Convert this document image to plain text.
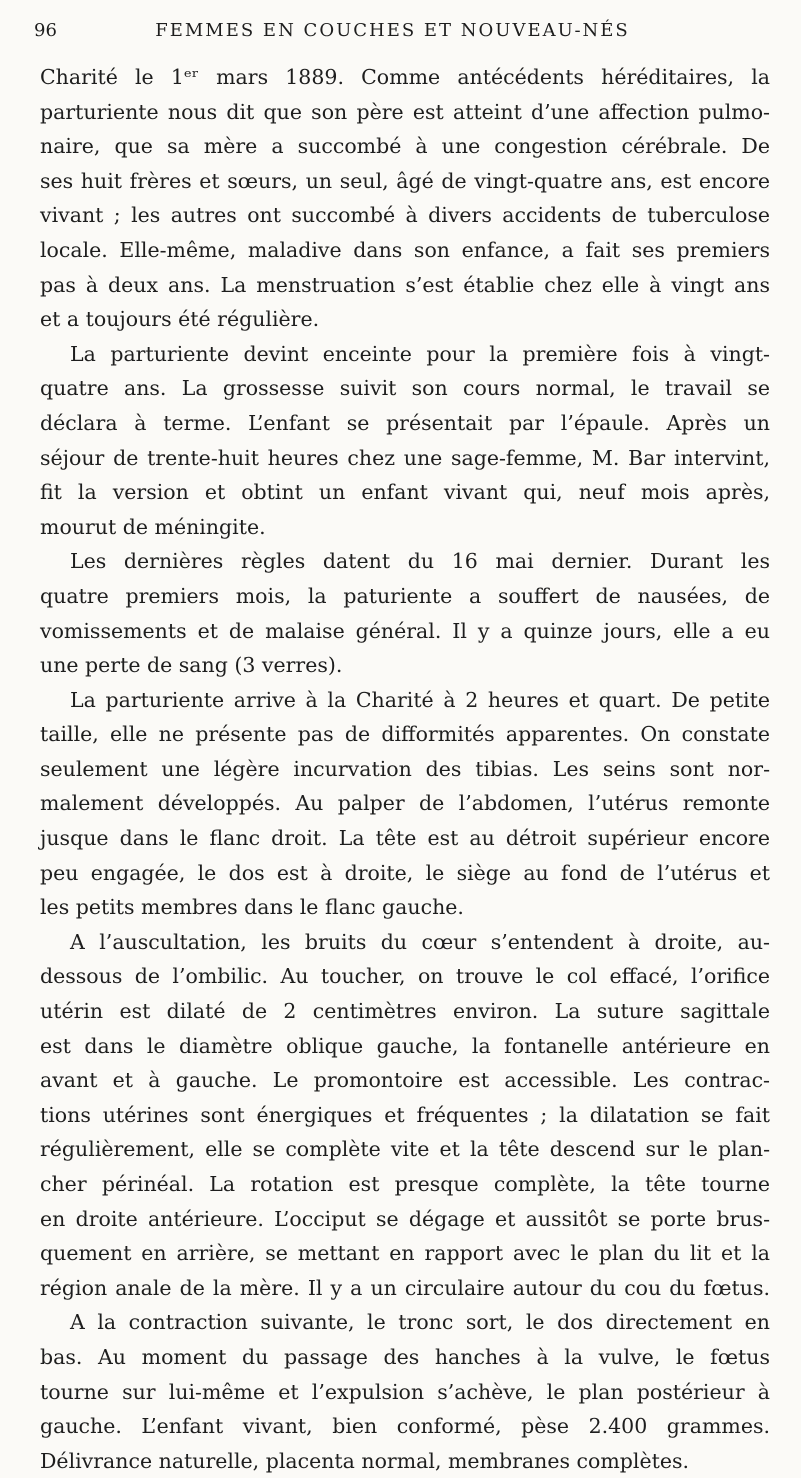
96	FEMMES EN COUCHES ET NOUVEAU-NÉS
Charité le 1ᵉʳ mars 1889. Comme antécédents héréditaires, la
parturiente nous dit que son père est atteint d’une affection pulmo-
naire, que sa mère a succombé à une congestion cérébrale. De
ses huit frères et sœurs, un seul, âgé de vingt-quatre ans, est encore
vivant ; les autres ont succombé à divers accidents de tuberculose
locale. Elle-même, maladive dans son enfance, a fait ses premiers
pas à deux ans. La menstruation s’est établie chez elle à vingt ans
et a toujours été régulière.
La parturiente devint enceinte pour la première fois à vingt-
quatre ans. La grossesse suivit son cours normal, le travail se
déclara à terme. L’enfant se présentait par l’épaule. Après un
séjour de trente-huit heures chez une sage-femme, M. Bar intervint,
fit la version et obtint un enfant vivant qui, neuf mois après,
mourut de méningite.
Les dernières règles datent du 16 mai dernier. Durant les
quatre premiers mois, la paturiente a souffert de nausées, de
vomissements et de malaise général. Il y a quinze jours, elle a eu
une perte de sang (3 verres).
La parturiente arrive à la Charité à 2 heures et quart. De petite
taille, elle ne présente pas de difformités apparentes. On constate
seulement une légère incurvation des tibias. Les seins sont nor-
malement développés. Au palper de l’abdomen, l’utérus remonte
jusque dans le flanc droit. La tête est au détroit supérieur encore
peu engagée, le dos est à droite, le siège au fond de l’utérus et
les petits membres dans le flanc gauche.
A l’auscultation, les bruits du cœur s’entendent à droite, au-
dessous de l’ombilic. Au toucher, on trouve le col effacé, l’orifice
utérin est dilaté de 2 centimètres environ. La suture sagittale
est dans le diamètre oblique gauche, la fontanelle antérieure en
avant et à gauche. Le promontoire est accessible. Les contrac-
tions utérines sont énergiques et fréquentes ; la dilatation se fait
régulièrement, elle se complète vite et la tête descend sur le plan-
cher périnéal. La rotation est presque complète, la tête tourne
en droite antérieure. L’occiput se dégage et aussitôt se porte brus-
quement en arrière, se mettant en rapport avec le plan du lit et la
région anale de la mère. Il y a un circulaire autour du cou du fœtus.
A la contraction suivante, le tronc sort, le dos directement en
bas. Au moment du passage des hanches à la vulve, le fœtus
tourne sur lui-même et l’expulsion s’achève, le plan postérieur à
gauche. L’enfant vivant, bien conformé, pèse 2.400 grammes.
Délivrance naturelle, placenta normal, membranes complètes.
